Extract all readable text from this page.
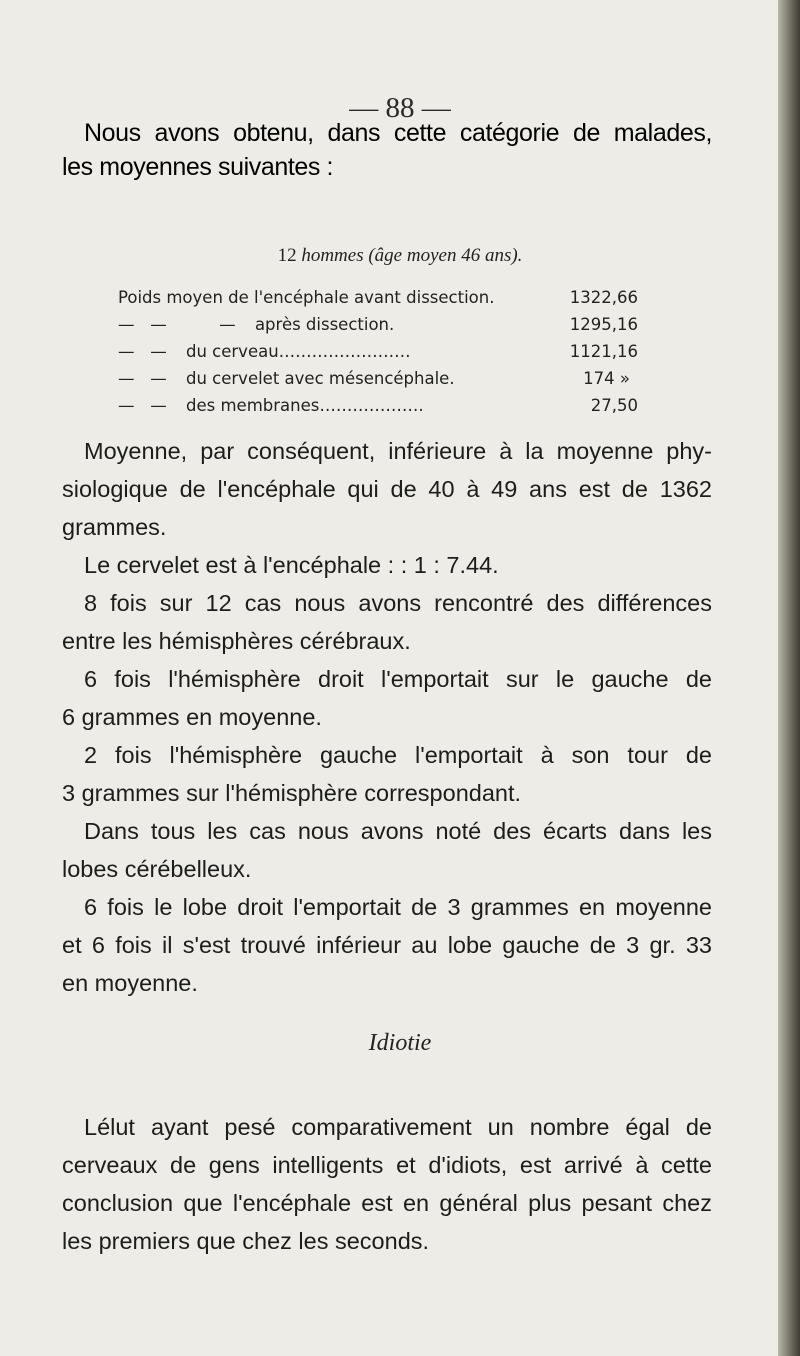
— 88 —
Nous avons obtenu, dans cette catégorie de malades,
les moyennes suivantes :
12 hommes (âge moyen 46 ans).
Poids moyen de l'encéphale avant dissection.	1322,66
—   —          — après dissection.	1295,16
—   — du cerveau……………………	1121,16
—   — du cervelet avec mésencéphale.	174 »
—   — des membranes……………….	27,50
Moyenne, par conséquent, inférieure à la moyenne phy-
siologique de l'encéphale qui de 40 à 49 ans est de 1362
grammes.
Le cervelet est à l'encéphale : : 1 : 7.44.
8 fois sur 12 cas nous avons rencontré des différences
entre les hémisphères cérébraux.
6 fois l'hémisphère droit l'emportait sur le gauche de
6 grammes en moyenne.
2 fois l'hémisphère gauche l'emportait à son tour de
3 grammes sur l'hémisphère correspondant.
Dans tous les cas nous avons noté des écarts dans les
lobes cérébelleux.
6 fois le lobe droit l'emportait de 3 grammes en moyenne
et 6 fois il s'est trouvé inférieur au lobe gauche de 3 gr. 33
en moyenne.
Idiotie
Lélut ayant pesé comparativement un nombre égal de
cerveaux de gens intelligents et d'idiots, est arrivé à cette
conclusion que l'encéphale est en général plus pesant chez
les premiers que chez les seconds.
